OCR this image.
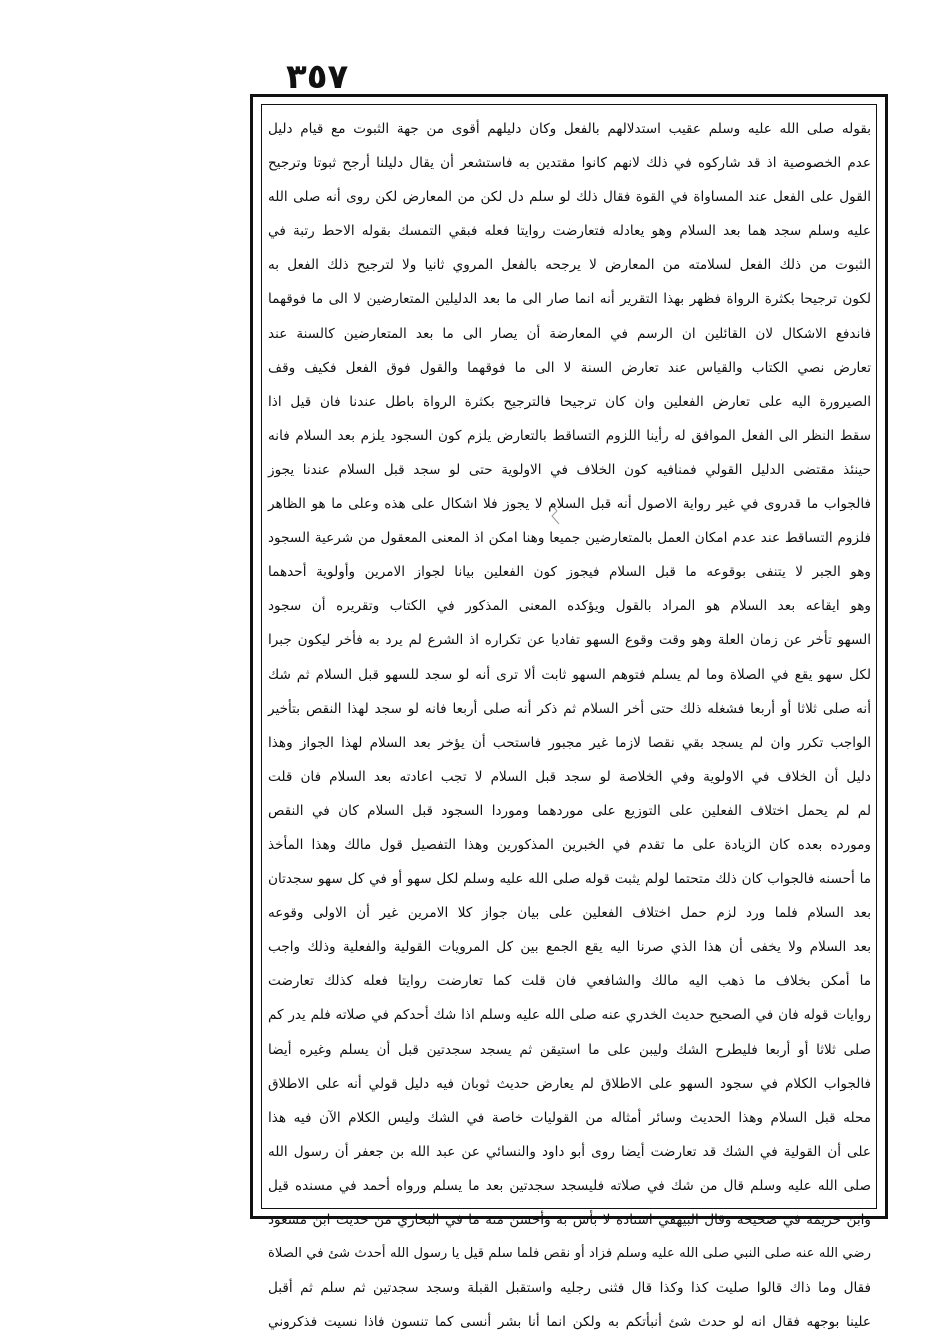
٣٥٧
بقوله صلى الله عليه وسلم عقيب استدلالهم بالفعل وكان دليلهم أقوى من جهة الثبوت مع قيام دليل
عدم الخصوصية اذ قد شاركوه في ذلك لانهم كانوا مقتدين به فاستشعر أن يقال دليلنا أرجح ثبوتا وترجيح
القول على الفعل عند المساواة في القوة فقال ذلك لو سلم دل لكن من المعارض لكن روى أنه صلى الله
عليه وسلم سجد هما بعد السلام وهو يعادله فتعارضت روايتا فعله فبقي التمسك بقوله الاحط رتبة في
الثبوت من ذلك الفعل لسلامته من المعارض لا يرجحه بالفعل المروي ثانيا ولا لترجيح ذلك الفعل به
لكون ترجيحا بكثرة الرواة فظهر بهذا التقرير أنه انما صار الى ما بعد الدليلين المتعارضين لا الى ما فوقهما
فاندفع الاشكال لان القائلين ان الرسم في المعارضة أن يصار الى ما بعد المتعارضين كالسنة عند
تعارض نصي الكتاب والقياس عند تعارض السنة لا الى ما فوقهما والقول فوق الفعل فكيف وقف
الصيرورة اليه على تعارض الفعلين وان كان ترجيحا فالترجيح بكثرة الرواة باطل عندنا فان قيل اذا
سقط النظر الى الفعل الموافق له رأينا اللزوم التساقط بالتعارض يلزم كون السجود يلزم بعد السلام فانه
حينئذ مقتضى الدليل القولي فمنافيه كون الخلاف في الاولوية حتى لو سجد قبل السلام عندنا يجوز
فالجواب ما قدروى في غير رواية الاصول أنه قبل السلام لا يجوز فلا اشكال على هذه وعلى ما هو الظاهر
فلزوم التساقط عند عدم امكان العمل بالمتعارضين جميعا وهنا امكن اذ المعنى المعقول من شرعية السجود
وهو الجبر لا يتنفى بوقوعه ما قبل السلام فيجوز كون الفعلين بيانا لجواز الامرين وأولوية أحدهما
وهو ايقاعه بعد السلام هو المراد بالقول ويؤكده المعنى المذكور في الكتاب وتقريره أن سجود
السهو تأخر عن زمان العلة وهو وقت وقوع السهو تفاديا عن تكراره اذ الشرع لم يرد به فأخر ليكون جبرا
لكل سهو يقع في الصلاة وما لم يسلم فتوهم السهو ثابت ألا ترى أنه لو سجد للسهو قبل السلام ثم شك
أنه صلى ثلاثا أو أربعا فشغله ذلك حتى أخر السلام ثم ذكر أنه صلى أربعا فانه لو سجد لهذا النقص بتأخير
الواجب تكرر وان لم يسجد بقي نقصا لازما غير مجبور فاستحب أن يؤخر بعد السلام لهذا الجواز وهذا
دليل أن الخلاف في الاولوية وفي الخلاصة لو سجد قبل السلام لا تجب اعادته بعد السلام فان قلت
لم لم يحمل اختلاف الفعلين على التوزيع على موردهما وموردا السجود قبل السلام كان في النقص
ومورده بعده كان الزيادة على ما تقدم في الخبرين المذكورين وهذا التفصيل قول مالك وهذا المأخذ
ما أحسنه فالجواب كان ذلك متحتما لولم يثبت قوله صلى الله عليه وسلم لكل سهو أو في كل سهو سجدتان
بعد السلام فلما ورد لزم حمل اختلاف الفعلين على بيان جواز كلا الامرين غير أن الاولى وقوعه
بعد السلام ولا يخفى أن هذا الذي صرنا اليه يقع الجمع بين كل المرويات القولية والفعلية وذلك واجب
ما أمكن بخلاف ما ذهب اليه مالك والشافعي فان قلت كما تعارضت روايتا فعله كذلك تعارضت
روايات قوله فان في الصحيح حديث الخدري عنه صلى الله عليه وسلم اذا شك أحدكم في صلاته فلم يدر كم
صلى ثلاثا أو أربعا فليطرح الشك وليبن على ما استيقن ثم يسجد سجدتين قبل أن يسلم وغيره أيضا
فالجواب الكلام في سجود السهو على الاطلاق لم يعارض حديث ثوبان فيه دليل قولي أنه على الاطلاق
محله قبل السلام وهذا الحديث وسائر أمثاله من القوليات خاصة في الشك وليس الكلام الآن فيه هذا
على أن القولية في الشك قد تعارضت أيضا روى أبو داود والنسائي عن عبد الله بن جعفر أن رسول الله
صلى الله عليه وسلم قال من شك في صلاته فليسجد سجدتين بعد ما يسلم ورواه أحمد في مسنده قيل
وابن خزيمة في صحيحه وقال البيهقي اسناده لا بأس به وأحسن منه ما في البخاري من حديث ابن مسعود
رضي الله عنه صلى النبي صلى الله عليه وسلم فزاد أو نقص فلما سلم قيل يا رسول الله أحدث شئ في الصلاة
فقال وما ذاك قالوا صليت كذا وكذا قال فثنى رجليه واستقبل القبلة وسجد سجدتين ثم سلم ثم أقبل
علينا بوجهه فقال انه لو حدث شئ أنبأتكم به ولكن انما أنا بشر أنسى كما تنسون فاذا نسيت فذكروني
